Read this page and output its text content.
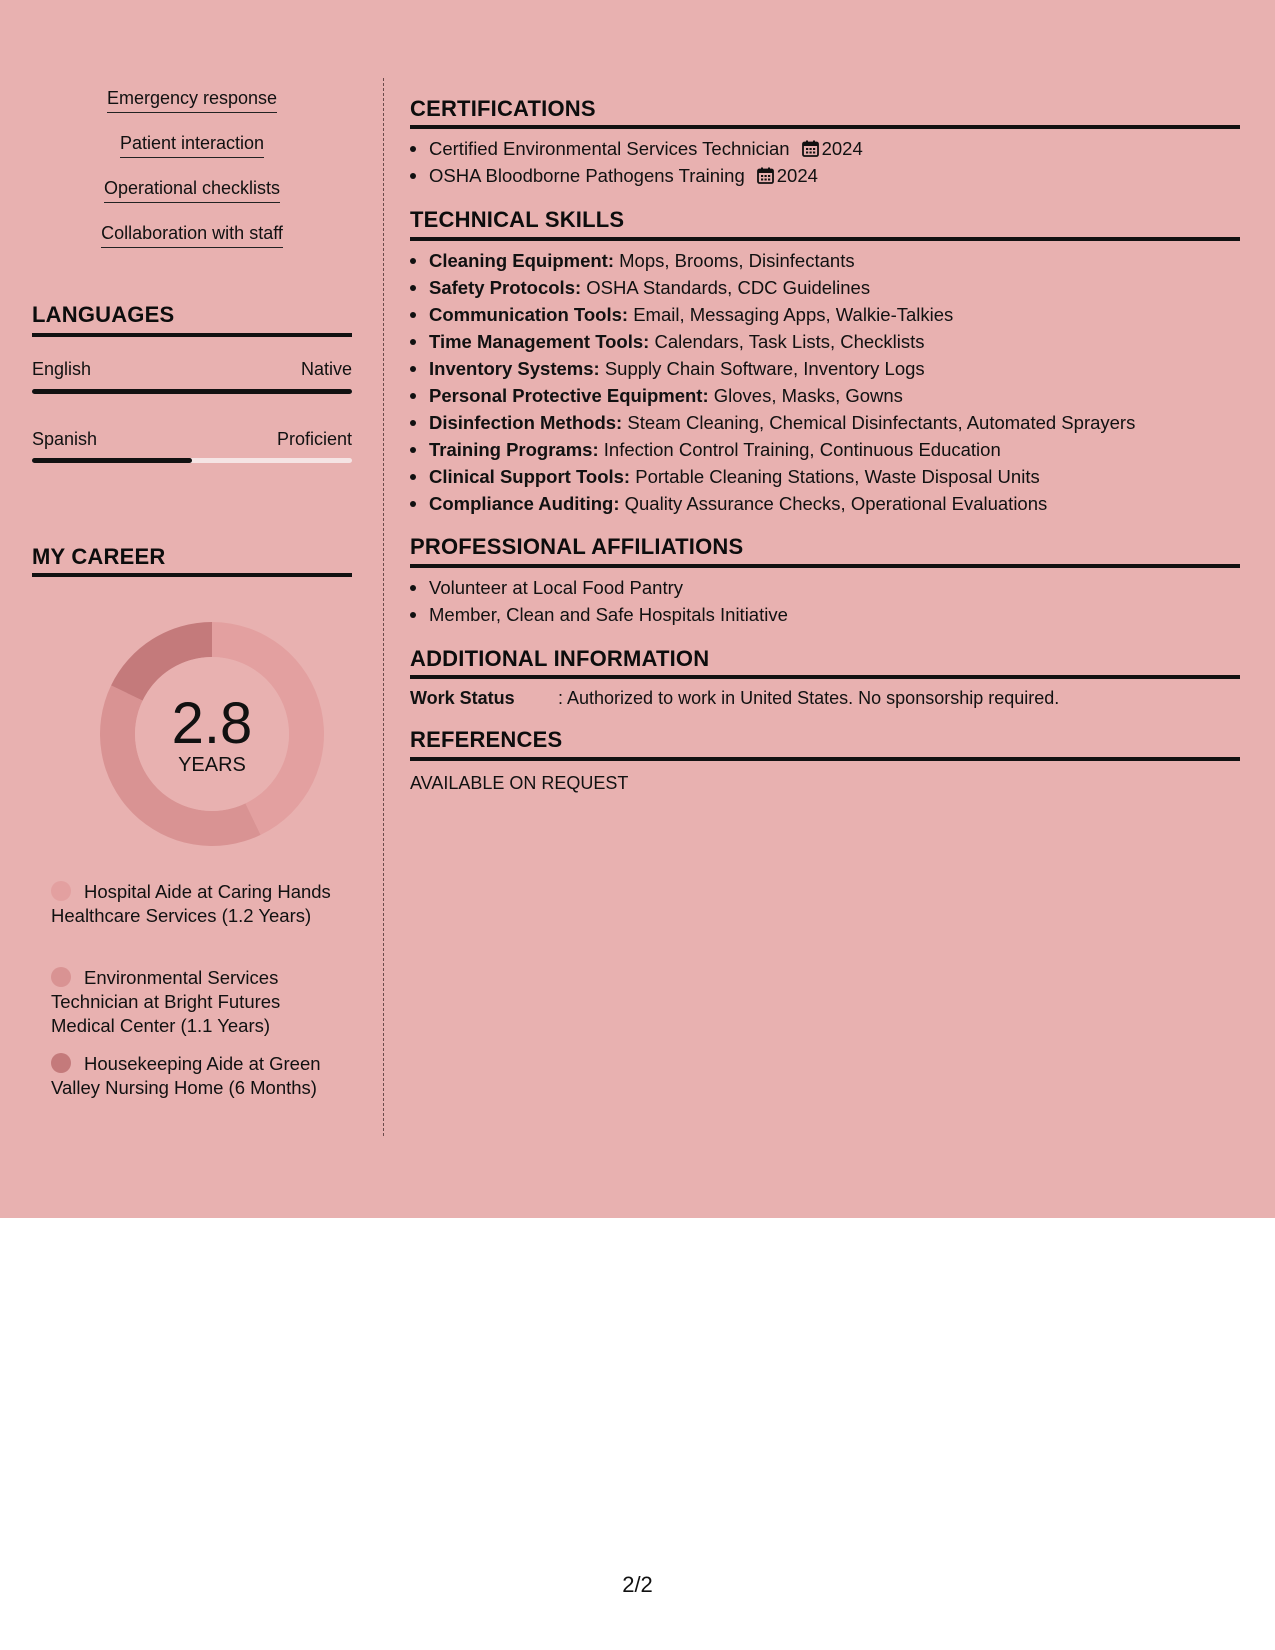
Emergency response
Patient interaction
Operational checklists
Collaboration with staff
LANGUAGES
English	Native
Spanish	Proficient
MY CAREER
2.8
YEARS
Hospital Aide at Caring Hands Healthcare Services (1.2 Years)
Environmental Services Technician at Bright Futures Medical Center (1.1 Years)
Housekeeping Aide at Green Valley Nursing Home (6 Months)
CERTIFICATIONS
Certified Environmental Services Technician 2024
OSHA Bloodborne Pathogens Training 2024
TECHNICAL SKILLS
Cleaning Equipment: Mops, Brooms, Disinfectants
Safety Protocols: OSHA Standards, CDC Guidelines
Communication Tools: Email, Messaging Apps, Walkie-Talkies
Time Management Tools: Calendars, Task Lists, Checklists
Inventory Systems: Supply Chain Software, Inventory Logs
Personal Protective Equipment: Gloves, Masks, Gowns
Disinfection Methods: Steam Cleaning, Chemical Disinfectants, Automated Sprayers
Training Programs: Infection Control Training, Continuous Education
Clinical Support Tools: Portable Cleaning Stations, Waste Disposal Units
Compliance Auditing: Quality Assurance Checks, Operational Evaluations
PROFESSIONAL AFFILIATIONS
Volunteer at Local Food Pantry
Member, Clean and Safe Hospitals Initiative
ADDITIONAL INFORMATION
Work Status : Authorized to work in United States. No sponsorship required.
REFERENCES
AVAILABLE ON REQUEST
2/2
